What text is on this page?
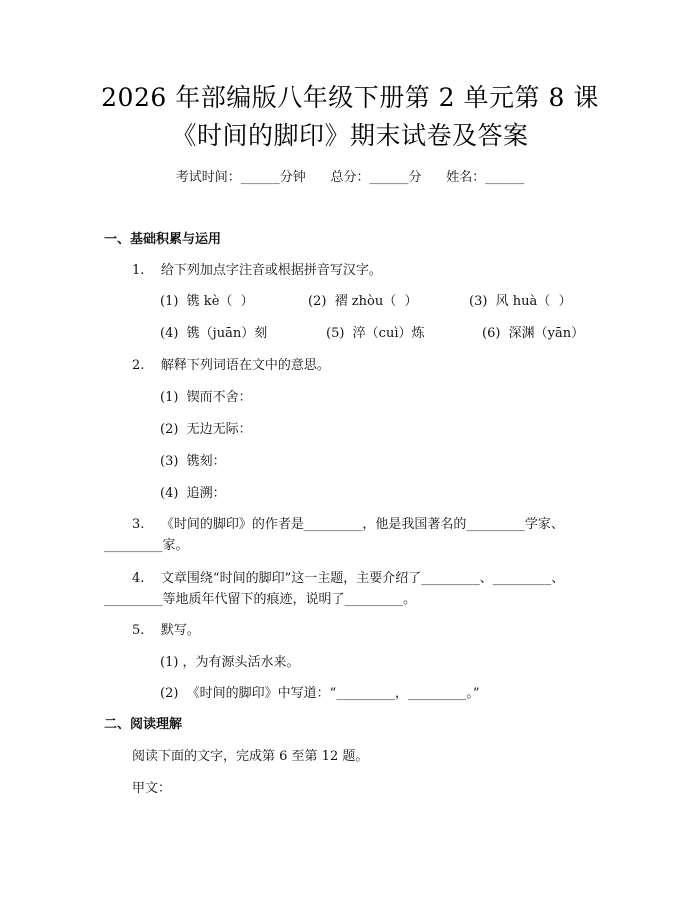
2026 年部编版八年级下册第 2 单元第 8 课
《时间的脚印》期末试卷及答案
考试时间：______分钟      总分：______分      姓名：______
一、基础积累与运用
1.    给下列加点字注音或根据拼音写汉字。
(1)  镌 kè（  ）	(2)  褶 zhòu（  ）	(3)  风 huà（  ）
(4)  镌（juān）刻	(5)  淬（cuì）炼	(6)  深渊（yān）
2.    解释下列词语在文中的意思。
(1)  锲而不舍：
(2)  无边无际：
(3)  镌刻：
(4)  追溯：
3.    《时间的脚印》的作者是_________，他是我国著名的_________学家、
_________家。
4.    文章围绕“时间的脚印”这一主题，主要介绍了_________、_________、
_________等地质年代留下的痕迹，说明了_________。
5.    默写。
(1) ，为有源头活水来。
(2)  《时间的脚印》中写道：“_________，_________。”
二、阅读理解
阅读下面的文字，完成第 6 至第 12 题。
甲文：
